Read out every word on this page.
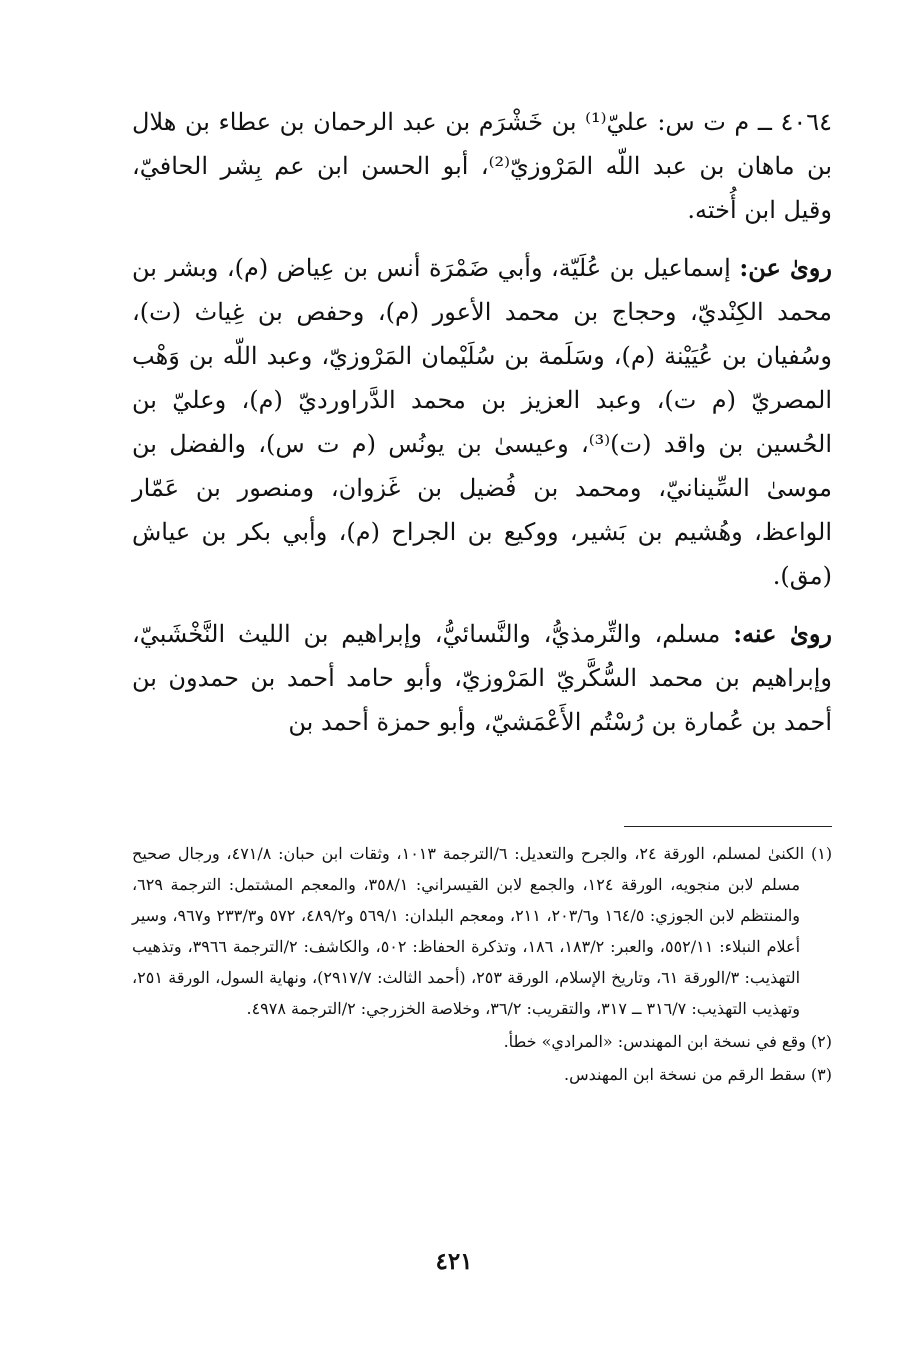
٤٠٦٤ ــ م ت س: عليّ⁽¹⁾ بن خَشْرَم بن عبد الرحمان بن عطاء بن هلال بن ماهان بن عبد اللّه المَرْوزيّ⁽²⁾، أبو الحسن ابن عم بِشر الحافيّ، وقيل ابن أُخته.

روىٰ عن: إسماعيل بن عُلَيّة، وأبي ضَمْرَة أنس بن عِياض (م)، وبشر بن محمد الكِنْديّ، وحجاج بن محمد الأعور (م)، وحفص بن غِياث (ت)، وسُفيان بن عُيَيْنة (م)، وسَلَمة بن سُلَيْمان المَرْوزيّ، وعبد اللّه بن وَهْب المصريّ (م ت)، وعبد العزيز بن محمد الدَّراورديّ (م)، وعليّ بن الحُسين بن واقد (ت)⁽³⁾، وعيسىٰ بن يونُس (م ت س)، والفضل بن موسىٰ السِّينانيّ، ومحمد بن فُضيل بن غَزوان، ومنصور بن عَمّار الواعظ، وهُشيم بن بَشير، ووكيع بن الجراح (م)، وأبي بكر بن عياش (مق).

روىٰ عنه: مسلم، والتِّرمذيُّ، والنَّسائيُّ، وإبراهيم بن الليث النَّخْشَبيّ، وإبراهيم بن محمد السُّكَّريّ المَرْوزيّ، وأبو حامد أحمد بن حمدون بن أحمد بن عُمارة بن رُسْتُم الأَعْمَشيّ، وأبو حمزة أحمد بن

(١) الكنىٰ لمسلم، الورقة ٢٤، والجرح والتعديل: ٦/الترجمة ١٠١٣، وثقات ابن حبان: ٤٧١/٨، ورجال صحيح مسلم لابن منجويه، الورقة ١٢٤، والجمع لابن القيسراني: ٣٥٨/١، والمعجم المشتمل: الترجمة ٦٢٩، والمنتظم لابن الجوزي: ١٦٤/٥ و٢٠٣/٦، ٢١١، ومعجم البلدان: ٥٦٩/١ و٤٨٩/٢، ٥٧٢ و٢٣٣/٣ و٩٦٧، وسير أعلام النبلاء: ٥٥٢/١١، والعبر: ١٨٣/٢، ١٨٦، وتذكرة الحفاظ: ٥٠٢، والكاشف: ٢/الترجمة ٣٩٦٦، وتذهيب التهذيب: ٣/الورقة ٦١، وتاريخ الإسلام، الورقة ٢٥٣، (أحمد الثالث: ٢٩١٧/٧)، ونهاية السول، الورقة ٢٥١، وتهذيب التهذيب: ٣١٦/٧ ــ ٣١٧، والتقريب: ٣٦/٢، وخلاصة الخزرجي: ٢/الترجمة ٤٩٧٨.

(٢) وقع في نسخة ابن المهندس: «المرادي» خطأ.

(٣) سقط الرقم من نسخة ابن المهندس.

٤٢١
